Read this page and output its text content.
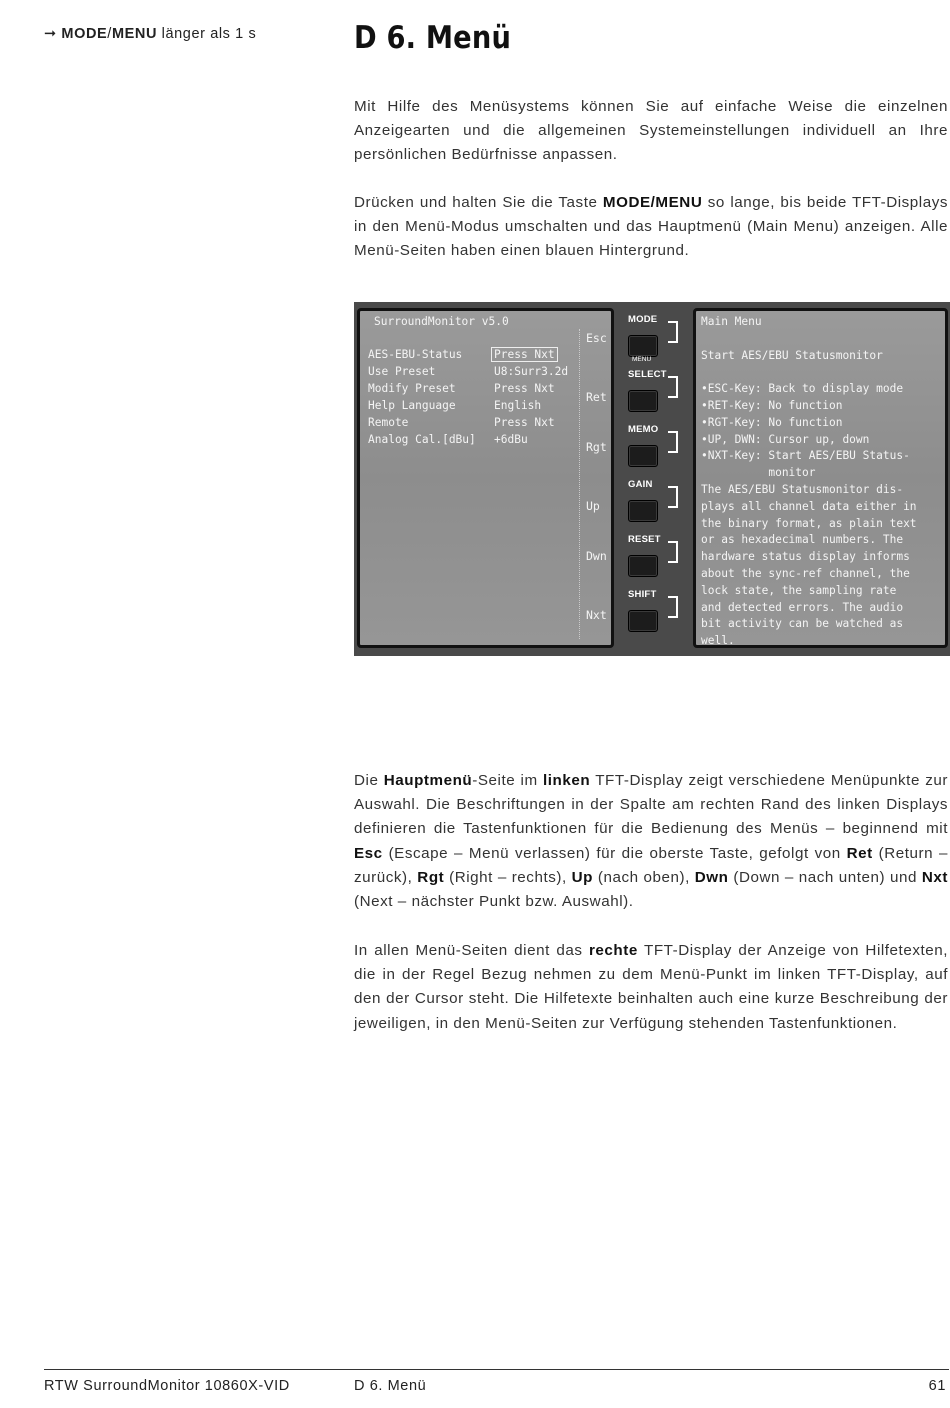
➞ MODE/MENU länger als 1 s	D 6. Menü

Mit Hilfe des Menüsystems können Sie auf einfache Weise die einzelnen Anzeigearten und die allgemeinen Systemeinstellungen individuell an Ihre persönlichen Bedürfnisse anpassen.

Drücken und halten Sie die Taste MODE/MENU so lange, bis beide TFT-Displays in den Menü-Modus umschalten und das Hauptmenü (Main Menu) anzeigen. Alle Menü-Seiten haben einen blauen Hintergrund.

SurroundMonitor v5.0
AES-EBU-Status	Press Nxt
Use Preset	U8:Surr3.2d
Modify Preset	Press Nxt
Help Language	English
Remote	Press Nxt
Analog Cal.[dBu] +6dBu
Esc
Ret
Rgt
Up
Dwn
Nxt
MODE
MENU
SELECT
MEMO
GAIN
RESET
SHIFT
Main Menu
Start AES/EBU Statusmonitor
•ESC-Key: Back to display mode
•RET-Key: No function
•RGT-Key: No function
•UP, DWN: Cursor up, down
•NXT-Key: Start AES/EBU Status-
monitor
The AES/EBU Statusmonitor dis-
plays all channel data either in
the binary format, as plain text
or as hexadecimal numbers. The
hardware status display informs
about the sync-ref channel, the
lock state, the sampling rate
and detected errors. The audio
bit activity can be watched as
well.

Die Hauptmenü-Seite im linken TFT-Display zeigt verschiedene Menüpunkte zur Auswahl. Die Beschriftungen in der Spalte am rechten Rand des linken Displays definieren die Tastenfunktionen für die Bedienung des Menüs – beginnend mit Esc (Escape – Menü verlassen) für die oberste Taste, gefolgt von Ret (Return – zurück), Rgt (Right – rechts), Up (nach oben), Dwn (Down – nach unten) und Nxt (Next – nächster Punkt bzw. Auswahl).

In allen Menü-Seiten dient das rechte TFT-Display der Anzeige von Hilfetexten, die in der Regel Bezug nehmen zu dem Menü-Punkt im linken TFT-Display, auf den der Cursor steht. Die Hilfetexte beinhalten auch eine kurze Beschreibung der jeweiligen, in den Menü-Seiten zur Verfügung stehenden Tastenfunktionen.

RTW SurroundMonitor 10860X-VID	D 6. Menü	61
